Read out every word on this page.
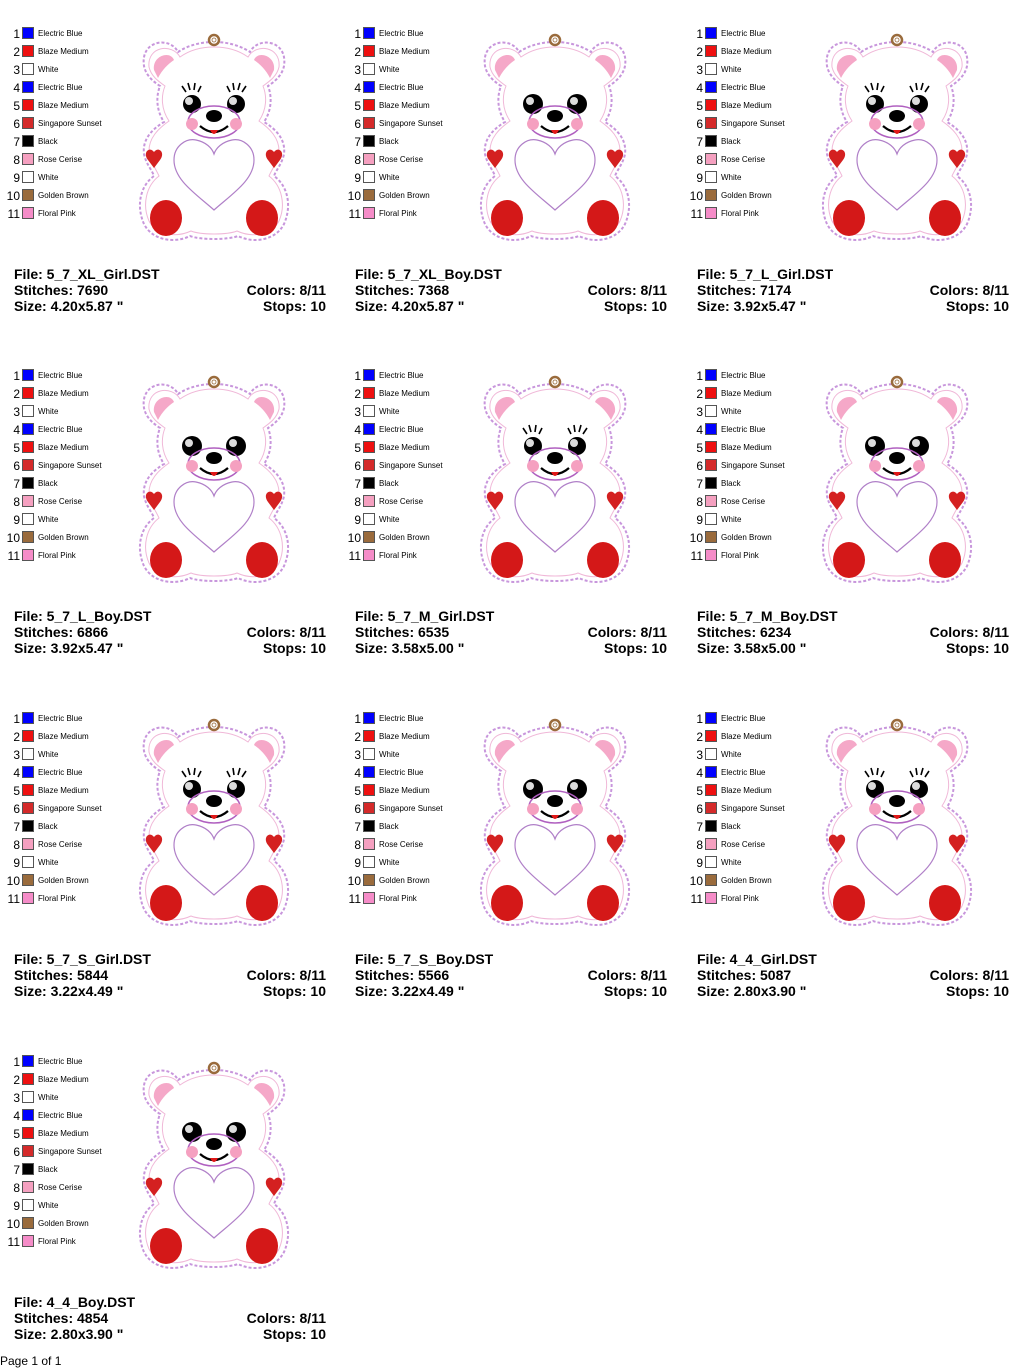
1 Electric Blue
2 Blaze Medium
3 White
4 Electric Blue
5 Blaze Medium
6 Singapore Sunset
7 Black
8 Rose Cerise
9 White
10 Golden Brown
11 Floral Pink
File: 5_7_XL_Girl.DST
Stitches: 7690
Size: 4.20x5.87 "
Colors: 8/11
Stops: 10
1 Electric Blue
2 Blaze Medium
3 White
4 Electric Blue
5 Blaze Medium
6 Singapore Sunset
7 Black
8 Rose Cerise
9 White
10 Golden Brown
11 Floral Pink
File: 5_7_XL_Boy.DST
Stitches: 7368
Size: 4.20x5.87 "
Colors: 8/11
Stops: 10
1 Electric Blue
2 Blaze Medium
3 White
4 Electric Blue
5 Blaze Medium
6 Singapore Sunset
7 Black
8 Rose Cerise
9 White
10 Golden Brown
11 Floral Pink
File: 5_7_L_Girl.DST
Stitches: 7174
Size: 3.92x5.47 "
Colors: 8/11
Stops: 10
1 Electric Blue
2 Blaze Medium
3 White
4 Electric Blue
5 Blaze Medium
6 Singapore Sunset
7 Black
8 Rose Cerise
9 White
10 Golden Brown
11 Floral Pink
File: 5_7_L_Boy.DST
Stitches: 6866
Size: 3.92x5.47 "
Colors: 8/11
Stops: 10
1 Electric Blue
2 Blaze Medium
3 White
4 Electric Blue
5 Blaze Medium
6 Singapore Sunset
7 Black
8 Rose Cerise
9 White
10 Golden Brown
11 Floral Pink
File: 5_7_M_Girl.DST
Stitches: 6535
Size: 3.58x5.00 "
Colors: 8/11
Stops: 10
1 Electric Blue
2 Blaze Medium
3 White
4 Electric Blue
5 Blaze Medium
6 Singapore Sunset
7 Black
8 Rose Cerise
9 White
10 Golden Brown
11 Floral Pink
File: 5_7_M_Boy.DST
Stitches: 6234
Size: 3.58x5.00 "
Colors: 8/11
Stops: 10
1 Electric Blue
2 Blaze Medium
3 White
4 Electric Blue
5 Blaze Medium
6 Singapore Sunset
7 Black
8 Rose Cerise
9 White
10 Golden Brown
11 Floral Pink
File: 5_7_S_Girl.DST
Stitches: 5844
Size: 3.22x4.49 "
Colors: 8/11
Stops: 10
1 Electric Blue
2 Blaze Medium
3 White
4 Electric Blue
5 Blaze Medium
6 Singapore Sunset
7 Black
8 Rose Cerise
9 White
10 Golden Brown
11 Floral Pink
File: 5_7_S_Boy.DST
Stitches: 5566
Size: 3.22x4.49 "
Colors: 8/11
Stops: 10
1 Electric Blue
2 Blaze Medium
3 White
4 Electric Blue
5 Blaze Medium
6 Singapore Sunset
7 Black
8 Rose Cerise
9 White
10 Golden Brown
11 Floral Pink
File: 4_4_Girl.DST
Stitches: 5087
Size: 2.80x3.90 "
Colors: 8/11
Stops: 10
1 Electric Blue
2 Blaze Medium
3 White
4 Electric Blue
5 Blaze Medium
6 Singapore Sunset
7 Black
8 Rose Cerise
9 White
10 Golden Brown
11 Floral Pink
File: 4_4_Boy.DST
Stitches: 4854
Size: 2.80x3.90 "
Colors: 8/11
Stops: 10
Page 1 of 1
